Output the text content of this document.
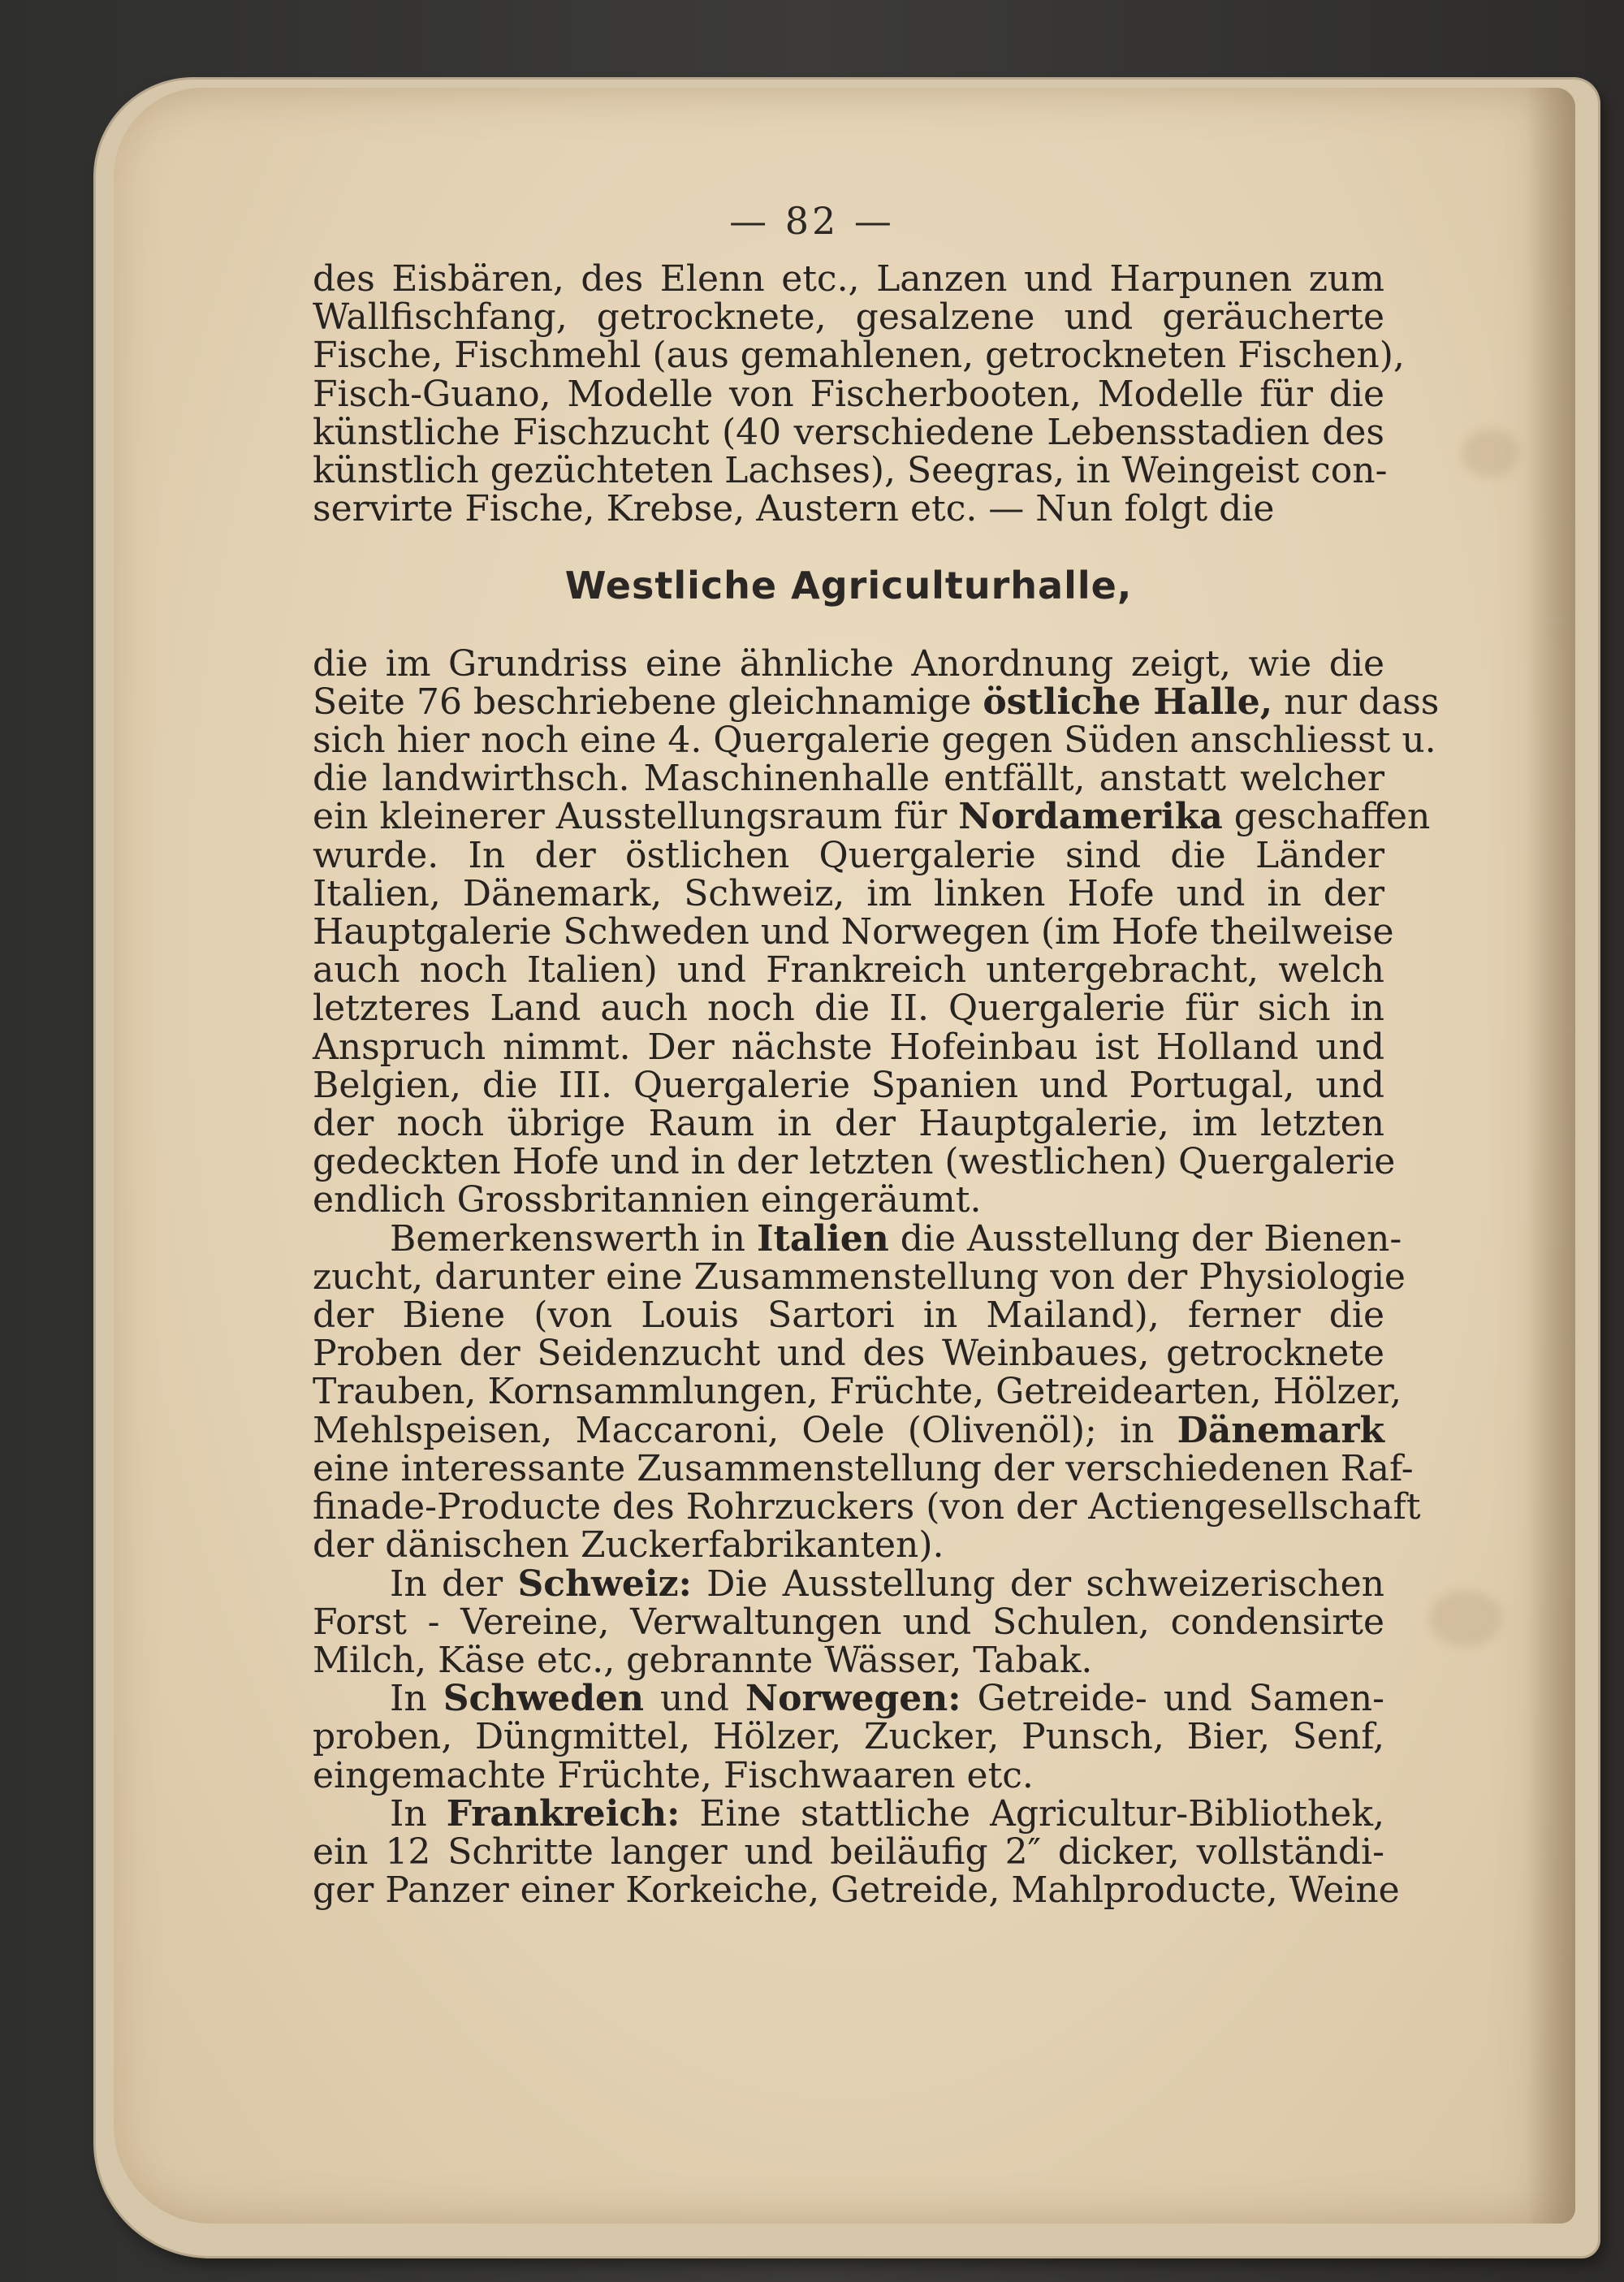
— 82 —
des Eisbären, des Elenn etc., Lanzen und Harpunen zum
Wallfischfang, getrocknete, gesalzene und geräucherte
Fische, Fischmehl (aus gemahlenen, getrockneten Fischen),
Fisch-Guano, Modelle von Fischerbooten, Modelle für die
künstliche Fischzucht (40 verschiedene Lebensstadien des
künstlich gezüchteten Lachses), Seegras, in Weingeist con-
servirte Fische, Krebse, Austern etc. — Nun folgt die
Westliche Agriculturhalle,
die im Grundriss eine ähnliche Anordnung zeigt, wie die
Seite 76 beschriebene gleichnamige östliche Halle, nur dass
sich hier noch eine 4. Quergalerie gegen Süden anschliesst u.
die landwirthsch. Maschinenhalle entfällt, anstatt welcher
ein kleinerer Ausstellungsraum für Nordamerika geschaffen
wurde. In der östlichen Quergalerie sind die Länder
Italien, Dänemark, Schweiz, im linken Hofe und in der
Hauptgalerie Schweden und Norwegen (im Hofe theilweise
auch noch Italien) und Frankreich untergebracht, welch
letzteres Land auch noch die II. Quergalerie für sich in
Anspruch nimmt. Der nächste Hofeinbau ist Holland und
Belgien, die III. Quergalerie Spanien und Portugal, und
der noch übrige Raum in der Hauptgalerie, im letzten
gedeckten Hofe und in der letzten (westlichen) Quergalerie
endlich Grossbritannien eingeräumt.
Bemerkenswerth in Italien die Ausstellung der Bienen-
zucht, darunter eine Zusammenstellung von der Physiologie
der Biene (von Louis Sartori in Mailand), ferner die
Proben der Seidenzucht und des Weinbaues, getrocknete
Trauben, Kornsammlungen, Früchte, Getreidearten, Hölzer,
Mehlspeisen, Maccaroni, Oele (Olivenöl); in Dänemark
eine interessante Zusammenstellung der verschiedenen Raf-
finade-Producte des Rohrzuckers (von der Actiengesellschaft
der dänischen Zuckerfabrikanten).
In der Schweiz: Die Ausstellung der schweizerischen
Forst - Vereine, Verwaltungen und Schulen, condensirte
Milch, Käse etc., gebrannte Wässer, Tabak.
In Schweden und Norwegen: Getreide- und Samen-
proben, Düngmittel, Hölzer, Zucker, Punsch, Bier, Senf,
eingemachte Früchte, Fischwaaren etc.
In Frankreich: Eine stattliche Agricultur-Bibliothek,
ein 12 Schritte langer und beiläufig 2″ dicker, vollständi-
ger Panzer einer Korkeiche, Getreide, Mahlproducte, Weine
